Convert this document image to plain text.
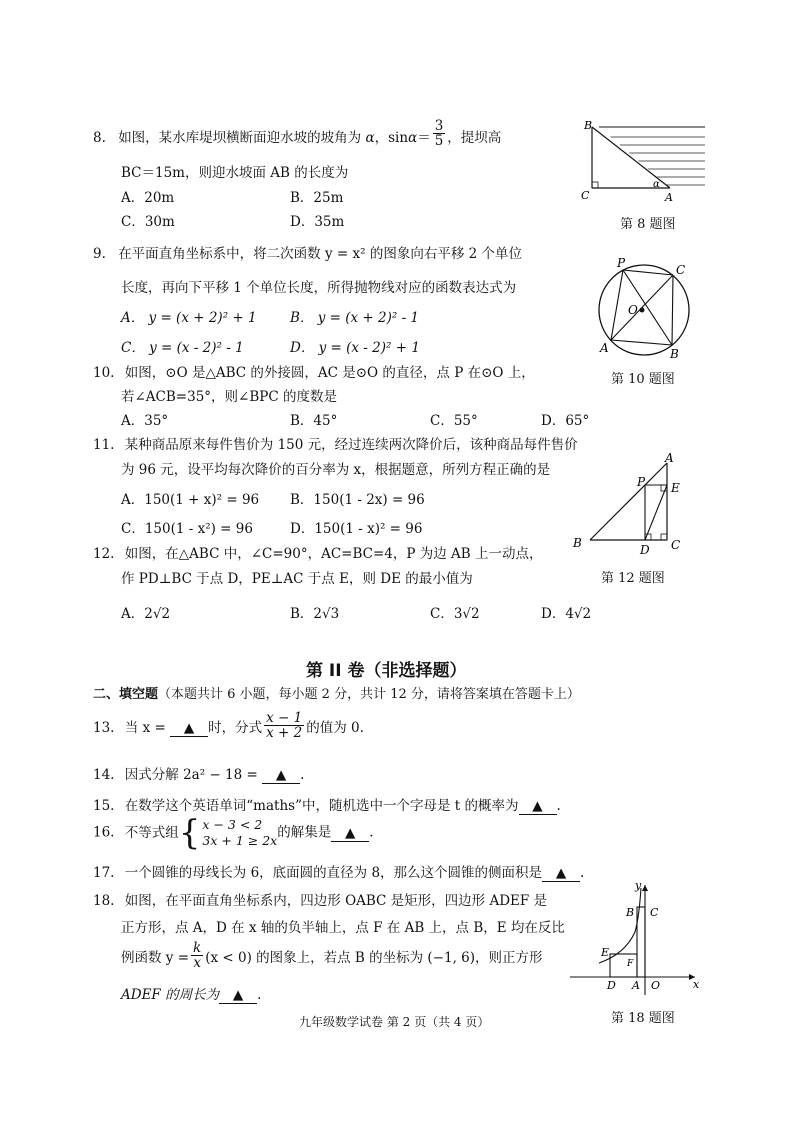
8. 如图，某水库堤坝横断面迎水坡的坡角为 α，$\sin\alpha= \frac{3}{5}$ ，提坝高
BC＝15m，则迎水坡面 AB 的长度为
A．20m	B．25m
C．30m	D．35m
B
C	A
α
第 8 题图
9. 在平面直角坐标系中，将二次函数 y = x² 的图象向右平移 2 个单位
长度，再向下平移 1 个单位长度，所得抛物线对应的函数表达式为
A． y = (x + 2)² + 1 B． y = (x + 2)² - 1
C． y = (x - 2)² - 1	D． y = (x - 2)² + 1
P	C
O
A	B
10. 如图，⊙O 是△ABC 的外接圆，AC 是⊙O 的直径，点 P 在⊙O 上，
若∠ACB=35°，则∠BPC 的度数是
第 10 题图
A．35°	B．45°	C．55°	D．65°
11. 某种商品原来每件售价为 150 元，经过连续两次降价后，该种商品每件售价
为 96 元，设平均每次降价的百分率为 x，根据题意，所列方程正确的是
A．150(1 + x)² = 96 B．150(1 - 2x) = 96
C．150(1 - x²) = 96	D．150(1 - x)² = 96
A
P E
B	D C
12. 如图，在△ABC 中，∠C=90°，AC=BC=4，P 为边 AB 上一动点，
作 PD⊥BC 于点 D，PE⊥AC 于点 E，则 DE 的最小值为	第 12 题图
A．2√2	B．2√3	C．3√2	D．4√2
第 II 卷（非选择题）
二、填空题（本题共计 6 小题，每小题 2 分，共计 12 分，请将答案填在答题卡上）
13. 当 x = ▲ 时，分式 $\frac{x - 1}{x + 2}$ 的值为 0.
14. 因式分解 2a² − 18 = ▲ .
15. 在数学这个英语单词“maths”中，随机选中一个字母是 t 的概率为 ▲ .
16. 不等式组{ x − 3 < 2
3x + 1 ≥ 2x 的解集是 ▲ .
17. 一个圆锥的母线长为 6，底面圆的直径为 8，那么这个圆锥的侧面积是 ▲ .
18. 如图，在平面直角坐标系内，四边形 OABC 是矩形，四边形 ADEF 是
正方形，点 A，D 在 x 轴的负半轴上，点 F 在 AB 上，点 B，E 均在反比
例函数 $y = \frac{k}{x} (x < 0)$ 的图象上，若点 B 的坐标为 (−1, 6)，则正方形
ADEF 的周长为 ▲ .
y
B C
E
F
D A O	x
第 18 题图
九年级数学试卷 第 2 页（共 4 页）
